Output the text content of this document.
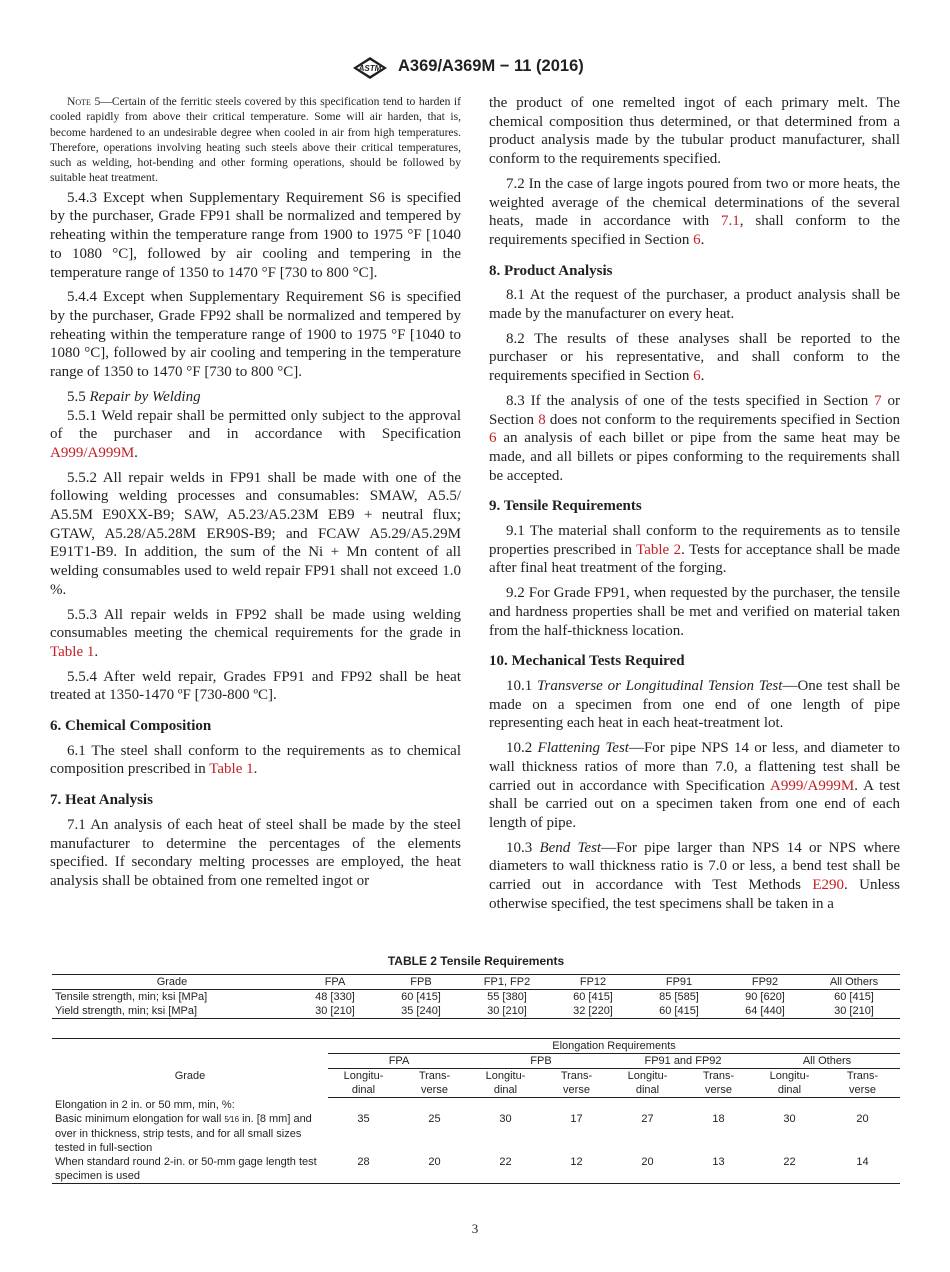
ASTM A369/A369M − 11 (2016)

Note 5—Certain of the ferritic steels covered by this specification tend to harden if cooled rapidly from above their critical temperature. Some will air harden, that is, become hardened to an undesirable degree when cooled in air from high temperatures. Therefore, operations involving heating such steels above their critical temperatures, such as welding, hot-bending and other forming operations, should be followed by suitable heat treatment.

5.4.3 Except when Supplementary Requirement S6 is specified by the purchaser, Grade FP91 shall be normalized and tempered by reheating within the temperature range from 1900 to 1975 °F [1040 to 1080 °C], followed by air cooling and tempering in the temperature range of 1350 to 1470 °F [730 to 800 °C].

5.4.4 Except when Supplementary Requirement S6 is specified by the purchaser, Grade FP92 shall be normalized and tempered by reheating within the temperature range of 1900 to 1975 °F [1040 to 1080 °C], followed by air cooling and tempering in the temperature range of 1350 to 1470 °F [730 to 800 °C].

5.5 Repair by Welding

5.5.1 Weld repair shall be permitted only subject to the approval of the purchaser and in accordance with Specification A999/A999M.

5.5.2 All repair welds in FP91 shall be made with one of the following welding processes and consumables: SMAW, A5.5/ A5.5M E90XX-B9; SAW, A5.23/A5.23M EB9 + neutral flux; GTAW, A5.28/A5.28M ER90S-B9; and FCAW A5.29/A5.29M E91T1-B9. In addition, the sum of the Ni + Mn content of all welding consumables used to weld repair FP91 shall not exceed 1.0 %.

5.5.3 All repair welds in FP92 shall be made using welding consumables meeting the chemical requirements for the grade in Table 1.

5.5.4 After weld repair, Grades FP91 and FP92 shall be heat treated at 1350-1470 ºF [730-800 ºC].

6. Chemical Composition

6.1 The steel shall conform to the requirements as to chemical composition prescribed in Table 1.

7. Heat Analysis

7.1 An analysis of each heat of steel shall be made by the steel manufacturer to determine the percentages of the elements specified. If secondary melting processes are employed, the heat analysis shall be obtained from one remelted ingot or

the product of one remelted ingot of each primary melt. The chemical composition thus determined, or that determined from a product analysis made by the tubular product manufacturer, shall conform to the requirements specified.

7.2 In the case of large ingots poured from two or more heats, the weighted average of the chemical determinations of the several heats, made in accordance with 7.1, shall conform to the requirements specified in Section 6.

8. Product Analysis

8.1 At the request of the purchaser, a product analysis shall be made by the manufacturer on every heat.

8.2 The results of these analyses shall be reported to the purchaser or his representative, and shall conform to the requirements specified in Section 6.

8.3 If the analysis of one of the tests specified in Section 7 or Section 8 does not conform to the requirements specified in Section 6 an analysis of each billet or pipe from the same heat may be made, and all billets or pipes conforming to the requirements shall be accepted.

9. Tensile Requirements

9.1 The material shall conform to the requirements as to tensile properties prescribed in Table 2. Tests for acceptance shall be made after final heat treatment of the forging.

9.2 For Grade FP91, when requested by the purchaser, the tensile and hardness properties shall be met and verified on material taken from the half-thickness location.

10. Mechanical Tests Required

10.1 Transverse or Longitudinal Tension Test—One test shall be made on a specimen from one end of one length of pipe representing each heat in each heat-treatment lot.

10.2 Flattening Test—For pipe NPS 14 or less, and diameter to wall thickness ratios of more than 7.0, a flattening test shall be carried out in accordance with Specification A999/A999M. A test shall be carried out on a specimen taken from one end of each length of pipe.

10.3 Bend Test—For pipe larger than NPS 14 or NPS where diameters to wall thickness ratio is 7.0 or less, a bend test shall be carried out in accordance with Test Methods E290. Unless otherwise specified, the test specimens shall be taken in a

TABLE 2 Tensile Requirements
Grade	FPA	FPB	FP1, FP2	FP12	FP91	FP92	All Others
Tensile strength, min; ksi [MPa]	48 [330]	60 [415]	55 [380]	60 [415]	85 [585]	90 [620]	60 [415]
Yield strength, min; ksi [MPa]	30 [210]	35 [240]	30 [210]	32 [220]	60 [415]	64 [440]	30 [210]
	Elongation Requirements							
Grade	FPA		FPB		FP91 and FP92		All Others	
	Longitu-	Trans-	Longitu-	Trans-	Longitu-	Trans-	Longitu-	Trans-
	dinal	verse	dinal	verse	dinal	verse	dinal	verse
Elongation in 2 in. or 50 mm, min, %:								
Basic minimum elongation for wall 5⁄16 in. [8 mm] and over in thickness, strip tests, and for all small sizes tested in full-section	35	25	30	17	27	18	30	20
When standard round 2-in. or 50-mm gage length test specimen is used	28	20	22	12	20	13	22	14
3
